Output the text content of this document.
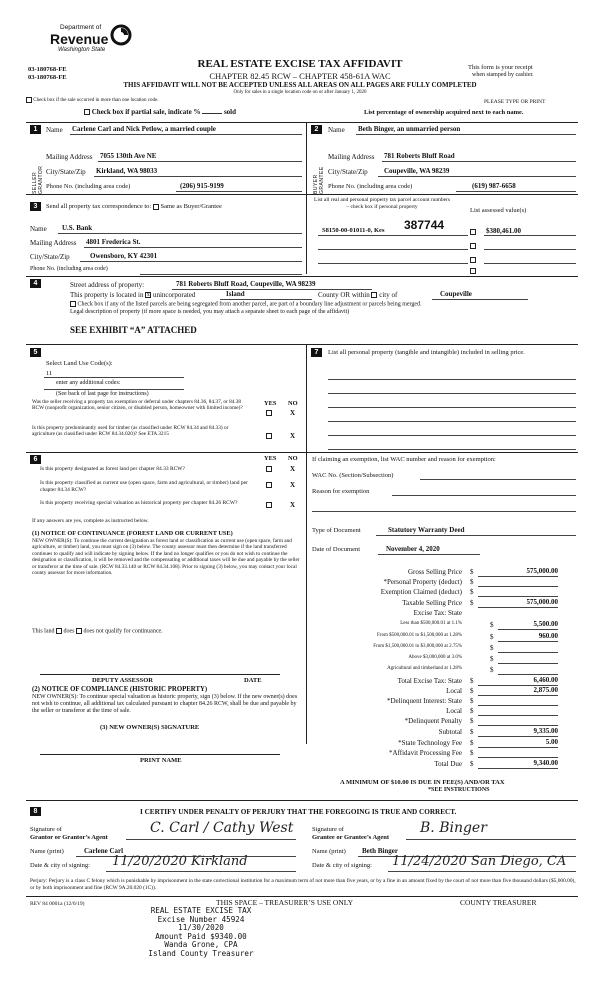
Department of
Revenue
Washington State
03-180768-FE
03-180768-FE
REAL ESTATE EXCISE TAX AFFIDAVIT
CHAPTER 82.45 RCW – CHAPTER 458-61A WAC
THIS AFFIDAVIT WILL NOT BE ACCEPTED UNLESS ALL AREAS ON ALL PAGES ARE FULLY COMPLETED
Only for sales in a single location code on or after January 1, 2020
This form is your receipt
when stamped by cashier.
PLEASE TYPE OR PRINT
Check box if the sale occurred in more than one location code.
Check box if partial sale, indicate %	sold	List percentage of ownership acquired next to each name.
1	Name Carlene Carl and Nick Petlow, a married couple
SELLER GRANTOR
Mailing Address 7055 130th Ave NE
City/State/Zip Kirkland, WA 98033
Phone No. (including area code)	(206) 915-9199
2	Name Beth Binger, an unmarried person
BUYER GRANTEE
Mailing Address 781 Roberts Bluff Road
City/State/Zip Coupeville, WA 98239
Phone No. (including area code)	(619) 987-6658
3	Send all property tax correspondence to: Same as Buyer/Grantee
Name U.S. Bank
Mailing Address 4801 Frederica St.
City/State/Zip	Owensboro, KY 42301
Phone No. (including area code)
List all real and personal property tax parcel account numbers – check box if personal property	List assessed value(s)
S8150-00-01011-0, Kes 387744	$380,461.00
4	Street address of property:	781 Roberts Bluff Road, Coupeville, WA 98239
This property is located in x unincorporated	Island	County OR within city of	Coupeville
Check box if any of the listed parcels are being segregated from another parcel, are part of a boundary line adjustment or parcels being merged.
Legal description of property (if more space is needed, you may attach a separate sheet to each page of the affidavit)
SEE EXHIBIT “A” ATTACHED
5
Select Land Use Code(s):
11
enter any additional codes:
(See back of last page for instructions)
YES NO
Was the seller receiving a property tax exemption or deferral under chapters 84.36, 84.37, or 84.38 RCW (nonprofit organization, senior citizen, or disabled person, homeowner with limited income)?
X
Is this property predominantly used for timber (as classified under RCW 84.34 and 84.33) or agriculture (as classified under RCW 84.34.020)? See ETA 3215	X
6	YES NO
Is this property designated as forest land per chapter 84.33 RCW?	X
Is this property classified as current use (open space, farm and agricultural, or timber) land per chapter 84.34 RCW?
X
Is this property receiving special valuation as historical property per chapter 84.26 RCW?	X
If any answers are yes, complete as instructed below.
(1) NOTICE OF CONTINUANCE (FOREST LAND OR CURRENT USE)
NEW OWNER(S): To continue the current designation as forest land or classification as current use (open space, farm and agriculture, or timber) land, you must sign on (3) below. The county assessor must then determine if the land transferred continues to qualify and will indicate by signing below. If the land no longer qualifies or you do not wish to continue the designation or classification, it will be removed and the compensating or additional taxes will be due and payable by the seller or transferor at the time of sale. (RCW 84.33.140 or RCW 84.34.108). Prior to signing (3) below, you may contact your local county assessor for more information.
This land does does not qualify for continuance.
DEPUTY ASSESSOR	DATE
(2) NOTICE OF COMPLIANCE (HISTORIC PROPERTY)
NEW OWNER(S): To continue special valuation as historic property, sign (3) below. If the new owner(s) does not wish to continue, all additional tax calculated pursuant to chapter 84.26 RCW, shall be due and payable by the seller or transferor at the time of sale.
(3) NEW OWNER(S) SIGNATURE
PRINT NAME
7	List all personal property (tangible and intangible) included in selling price.
If claiming an exemption, list WAC number and reason for exemption:
WAC No. (Section/Subsection)
Reason for exemption
Type of Document	Statutory Warranty Deed
Date of Document	November 4, 2020
Gross Selling Price $	575,000.00
*Personal Property (deduct) $
Exemption Claimed (deduct) $
Taxable Selling Price $	575,000.00
Excise Tax: State
Less than $500,000.01 at 1.1%	$	5,500.00
From $500,000.01 to $1,500,000 at 1.28%	$	960.00
From $1,500,000.01 to $3,000,000 at 2.75%	$
Above $3,000,000 at 3.0%	$
Agricultural and timberland at 1.28%	$
Total Excise Tax: State $	6,460.00
Local $	2,875.00
*Delinquent Interest: State $
Local $
*Delinquent Penalty $
Subtotal $	9,335.00
*State Technology Fee $	5.00
*Affidavit Processing Fee $
Total Due $	9,340.00
A MINIMUM OF $10.00 IS DUE IN FEE(S) AND/OR TAX
*SEE INSTRUCTIONS
8	I CERTIFY UNDER PENALTY OF PERJURY THAT THE FOREGOING IS TRUE AND CORRECT.
Signature of
Grantor or Grantor’s Agent
C. Carl / Cathy West
Name (print)	Carlene Carl
Date & city of signing: 11/20/2020 Kirkland
Signature of
Grantee or Grantee’s Agent
B. Binger
Name (print) Beth Binger
Date & city of signing: 11/24/2020 San Diego, CA
Perjury: Perjury is a class C felony which is punishable by imprisonment in the state correctional institution for a maximum term of not more than five years, or by a fine in an amount fixed by the court of not more than five thousand dollars ($5,000.00), or by both imprisonment and fine (RCW 9A.20.020 (1C)).
REV 84 0001a (12/6/19)	THIS SPACE – TREASURER’S USE ONLY	COUNTY TREASURER
REAL ESTATE EXCISE TAX
Excise Number 45924
11/30/2020
Amount Paid $9340.00
Wanda Grone, CPA
Island County Treasurer
